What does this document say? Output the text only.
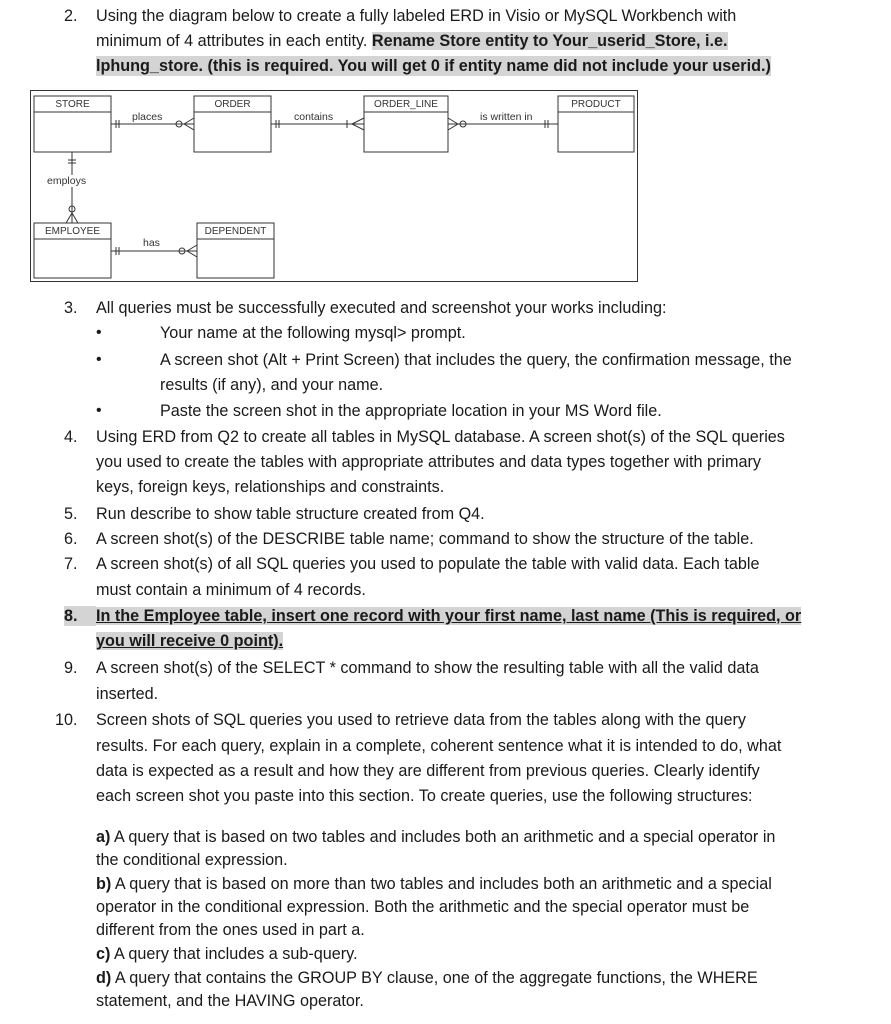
2. Using the diagram below to create a fully labeled ERD in Visio or MySQL Workbench with
minimum of 4 attributes in each entity. Rename Store entity to Your_userid_Store, i.e.
lphung_store. (this is required. You will get 0 if entity name did not include your userid.)
STORE	ORDER	ORDER_LINE	PRODUCT
EMPLOYEE	DEPENDENT
places	contains	is written in
employs
has
3. All queries must be successfully executed and screenshot your works including:
•	Your name at the following mysql> prompt.
•	A screen shot (Alt + Print Screen) that includes the query, the confirmation message, the
results (if any), and your name.
•	Paste the screen shot in the appropriate location in your MS Word file.
4. Using ERD from Q2 to create all tables in MySQL database. A screen shot(s) of the SQL queries
you used to create the tables with appropriate attributes and data types together with primary
keys, foreign keys, relationships and constraints.
5. Run describe to show table structure created from Q4.
6. A screen shot(s) of the DESCRIBE table name; command to show the structure of the table.
7. A screen shot(s) of all SQL queries you used to populate the table with valid data. Each table
must contain a minimum of 4 records.
8.	In the Employee table, insert one record with your first name, last name (This is required, or
you will receive 0 point).
9. A screen shot(s) of the SELECT * command to show the resulting table with all the valid data
inserted.
10. Screen shots of SQL queries you used to retrieve data from the tables along with the query
results. For each query, explain in a complete, coherent sentence what it is intended to do, what
data is expected as a result and how they are different from previous queries. Clearly identify
each screen shot you paste into this section. To create queries, use the following structures:
a) A query that is based on two tables and includes both an arithmetic and a special operator in
the conditional expression.
b) A query that is based on more than two tables and includes both an arithmetic and a special
operator in the conditional expression. Both the arithmetic and the special operator must be
different from the ones used in part a.
c) A query that includes a sub-query.
d) A query that contains the GROUP BY clause, one of the aggregate functions, the WHERE
statement, and the HAVING operator.
